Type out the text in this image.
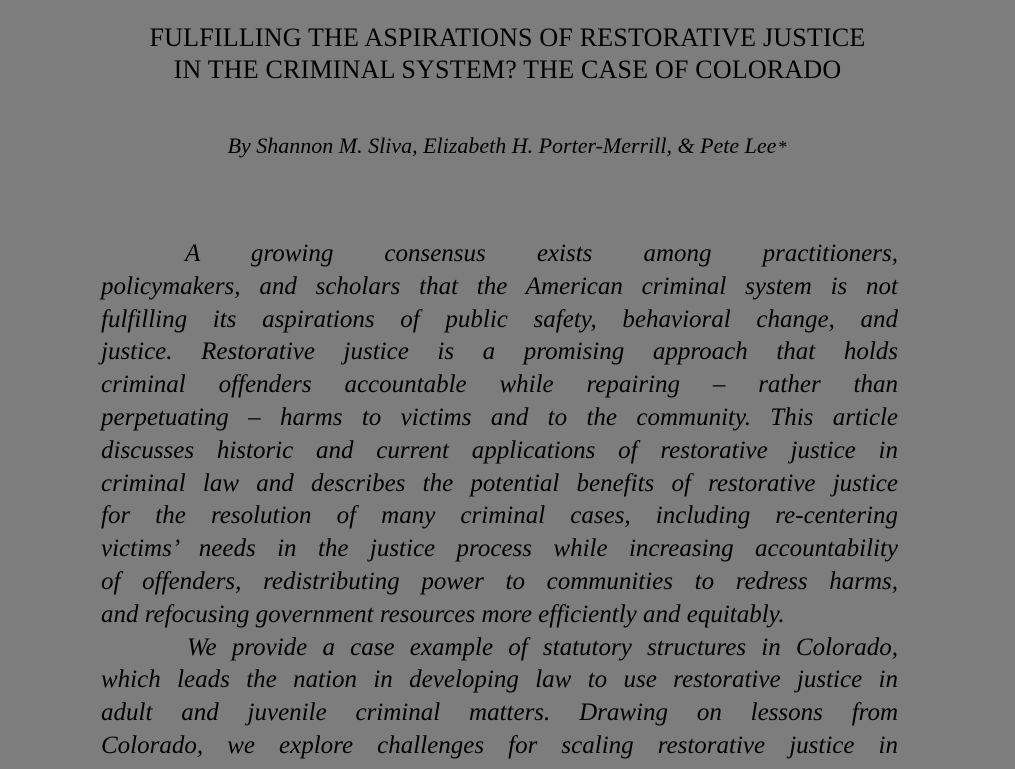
FULFILLING THE ASPIRATIONS OF RESTORATIVE JUSTICE
IN THE CRIMINAL SYSTEM? THE CASE OF COLORADO
By Shannon M. Sliva, Elizabeth H. Porter-Merrill, & Pete Lee *
A growing consensus exists among practitioners,
policymakers, and scholars that the American criminal system is not
fulfilling its aspirations of public safety, behavioral change, and
justice. Restorative justice is a promising approach that holds
criminal offenders accountable while repairing – rather than
perpetuating – harms to victims and to the community. This article
discusses historic and current applications of restorative justice in
criminal law and describes the potential benefits of restorative justice
for the resolution of many criminal cases, including re-centering
victims’ needs in the justice process while increasing accountability
of offenders, redistributing power to communities to redress harms,
and refocusing government resources more efficiently and equitably.
We provide a case example of statutory structures in Colorado,
which leads the nation in developing law to use restorative justice in
adult and juvenile criminal matters. Drawing on lessons from
Colorado, we explore challenges for scaling restorative justice in
